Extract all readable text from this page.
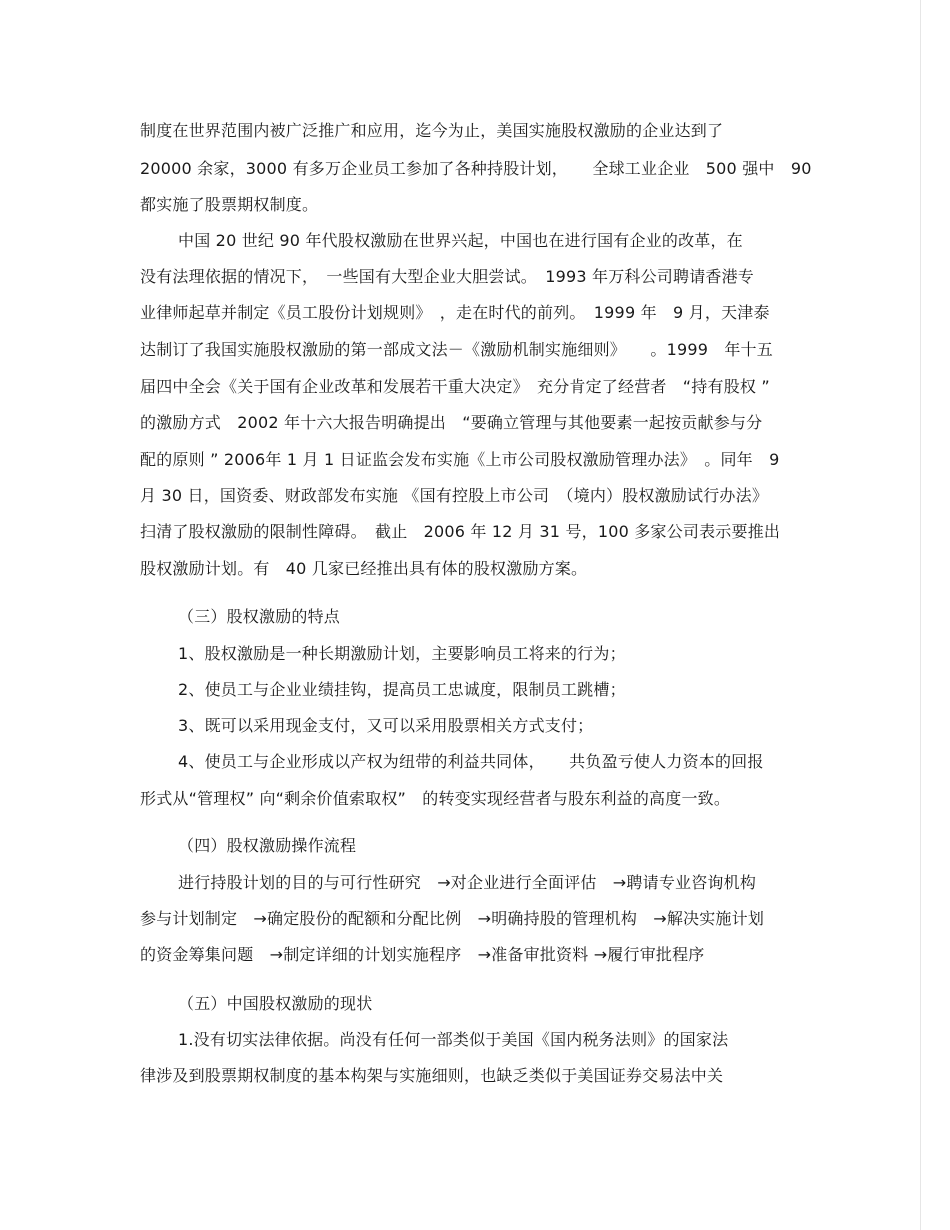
制度在世界范围内被广泛推广和应用，迄今为止，美国实施股权激励的企业达到了
20000 余家，3000 有多万企业员工参加了各种持股计划，　　全球工业企业　500 强中　90
都实施了股票期权制度。
中国 20 世纪 90 年代股权激励在世界兴起，中国也在进行国有企业的改革，在
没有法理依据的情况下，　一些国有大型企业大胆尝试。　1993 年万科公司聘请香港专
业律师起草并制定《员工股份计划规则》　，走在时代的前列。　1999 年　9 月，天津泰
达制订了我国实施股权激励的第一部成文法－《激励机制实施细则》　　。1999　年十五
届四中全会《关于国有企业改革和发展若干重大决定》　充分肯定了经营者　“持有股权 ”
的激励方式　2002 年十六大报告明确提出　“要确立管理与其他要素一起按贡献参与分
配的原则 ” 2006年 1 月 1 日证监会发布实施《上市公司股权激励管理办法》　。同年　9
月 30 日，国资委、财政部发布实施 《国有控股上市公司　（境内）股权激励试行办法》
扫清了股权激励的限制性障碍。　截止　2006 年 12 月 31 号，100 多家公司表示要推出
股权激励计划。有　40 几家已经推出具有体的股权激励方案。
（三）股权激励的特点
1、股权激励是一种长期激励计划，主要影响员工将来的行为；
2、使员工与企业业绩挂钩，提高员工忠诚度，限制员工跳槽；
3、既可以采用现金支付，又可以采用股票相关方式支付；
4、使员工与企业形成以产权为纽带的利益共同体，　　共负盈亏使人力资本的回报
形式从“管理权” 向“剩余价值索取权”　的转变实现经营者与股东利益的高度一致。
（四）股权激励操作流程
进行持股计划的目的与可行性研究　→对企业进行全面评估　→聘请专业咨询机构
参与计划制定　→确定股份的配额和分配比例　→明确持股的管理机构　→解决实施计划
的资金筹集问题　→制定详细的计划实施程序　→准备审批资料 →履行审批程序
（五）中国股权激励的现状
1.没有切实法律依据。尚没有任何一部类似于美国《国内税务法则》的国家法
律涉及到股票期权制度的基本构架与实施细则，也缺乏类似于美国证券交易法中关
